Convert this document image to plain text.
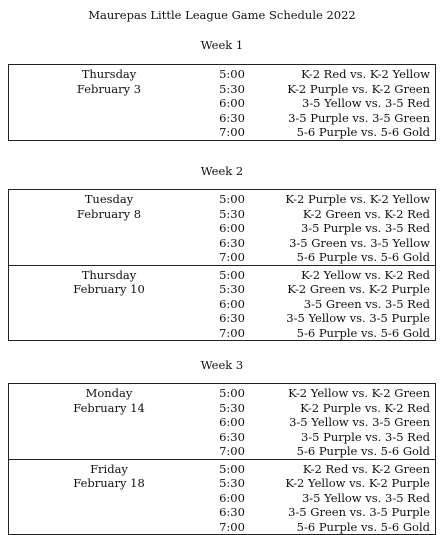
Maurepas Little League Game Schedule 2022
Week 1
Thursday
February 3
5:00	K-2 Red vs. K-2 Yellow
5:30	K-2 Purple vs. K-2 Green
6:00	3-5 Yellow vs. 3-5 Red
6:30	3-5 Purple vs. 3-5 Green
7:00	5-6 Purple vs. 5-6 Gold
Week 2
Tuesday
February 8
5:00	K-2 Purple vs. K-2 Yellow
5:30	K-2 Green vs. K-2 Red
6:00	3-5 Purple vs. 3-5 Red
6:30	3-5 Green vs. 3-5 Yellow
7:00	5-6 Purple vs. 5-6 Gold
Thursday
February 10
5:00	K-2 Yellow vs. K-2 Red
5:30	K-2 Green vs. K-2 Purple
6:00	3-5 Green vs. 3-5 Red
6:30	3-5 Yellow vs. 3-5 Purple
7:00	5-6 Purple vs. 5-6 Gold
Week 3
Monday
February 14
5:00	K-2 Yellow vs. K-2 Green
5:30	K-2 Purple vs. K-2 Red
6:00	3-5 Yellow vs. 3-5 Green
6:30	3-5 Purple vs. 3-5 Red
7:00	5-6 Purple vs. 5-6 Gold
Friday
February 18
5:00	K-2 Red vs. K-2 Green
5:30	K-2 Yellow vs. K-2 Purple
6:00	3-5 Yellow vs. 3-5 Red
6:30	3-5 Green vs. 3-5 Purple
7:00	5-6 Purple vs. 5-6 Gold
